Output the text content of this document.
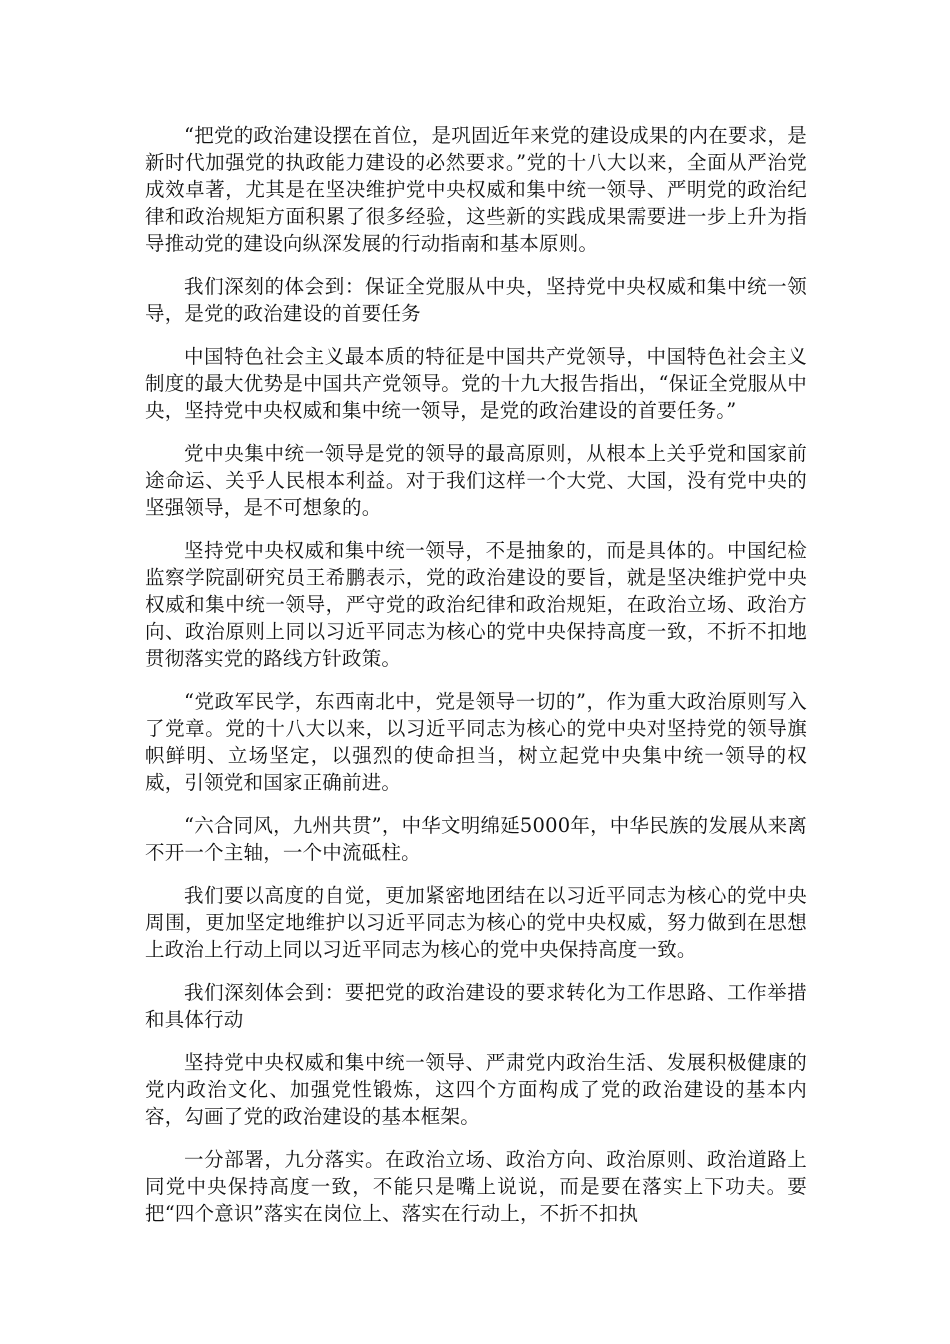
“把党的政治建设摆在首位，是巩固近年来党的建设成果的内在要求，是新时代加强党的执政能力建设的必然要求。”党的十八大以来，全面从严治党成效卓著，尤其是在坚决维护党中央权威和集中统一领导、严明党的政治纪律和政治规矩方面积累了很多经验，这些新的实践成果需要进一步上升为指导推动党的建设向纵深发展的行动指南和基本原则。

我们深刻的体会到：保证全党服从中央，坚持党中央权威和集中统一领导，是党的政治建设的首要任务

中国特色社会主义最本质的特征是中国共产党领导，中国特色社会主义制度的最大优势是中国共产党领导。党的十九大报告指出，“保证全党服从中央，坚持党中央权威和集中统一领导，是党的政治建设的首要任务。”

党中央集中统一领导是党的领导的最高原则，从根本上关乎党和国家前途命运、关乎人民根本利益。对于我们这样一个大党、大国，没有党中央的坚强领导，是不可想象的。

坚持党中央权威和集中统一领导，不是抽象的，而是具体的。中国纪检监察学院副研究员王希鹏表示，党的政治建设的要旨，就是坚决维护党中央权威和集中统一领导，严守党的政治纪律和政治规矩，在政治立场、政治方向、政治原则上同以习近平同志为核心的党中央保持高度一致，不折不扣地贯彻落实党的路线方针政策。

“党政军民学，东西南北中，党是领导一切的”，作为重大政治原则写入了党章。党的十八大以来，以习近平同志为核心的党中央对坚持党的领导旗帜鲜明、立场坚定，以强烈的使命担当，树立起党中央集中统一领导的权威，引领党和国家正确前进。

“六合同风，九州共贯”，中华文明绵延5000年，中华民族的发展从来离不开一个主轴，一个中流砥柱。

我们要以高度的自觉，更加紧密地团结在以习近平同志为核心的党中央周围，更加坚定地维护以习近平同志为核心的党中央权威，努力做到在思想上政治上行动上同以习近平同志为核心的党中央保持高度一致。

我们深刻体会到：要把党的政治建设的要求转化为工作思路、工作举措和具体行动

坚持党中央权威和集中统一领导、严肃党内政治生活、发展积极健康的党内政治文化、加强党性锻炼，这四个方面构成了党的政治建设的基本内容，勾画了党的政治建设的基本框架。

一分部署，九分落实。在政治立场、政治方向、政治原则、政治道路上同党中央保持高度一致，不能只是嘴上说说，而是要在落实上下功夫。要把“四个意识”落实在岗位上、落实在行动上，不折不扣执
